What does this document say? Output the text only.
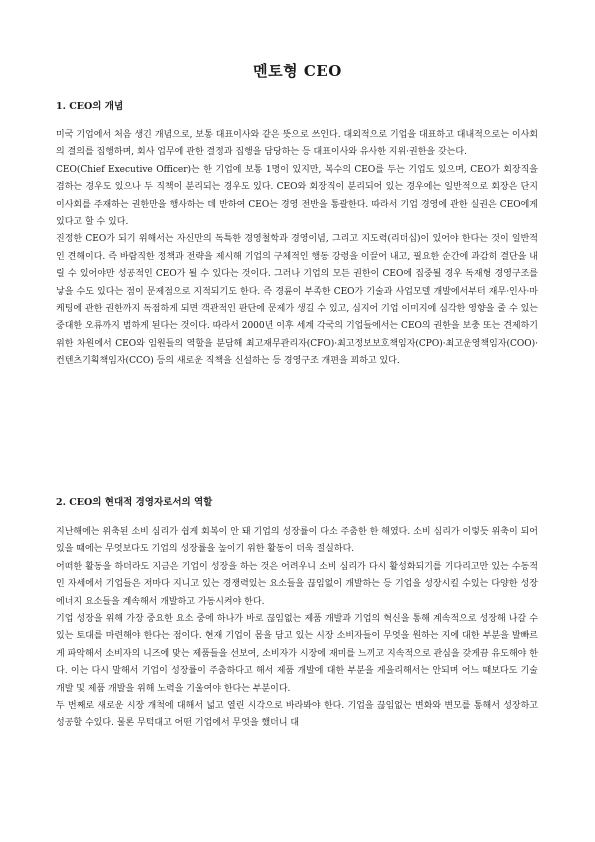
멘토형 CEO
1. CEO의 개념

미국 기업에서 처음 생긴 개념으로, 보통 대표이사와 같은 뜻으로 쓰인다. 대외적으로 기업을 대표하고 대내적으로는 이사회의 결의를 집행하며, 회사 업무에 관한 결정과 집행을 담당하는 등 대표이사와 유사한 지위·권한을 갖는다.

CEO(Chief Executive Officer)는 한 기업에 보통 1명이 있지만, 복수의 CEO를 두는 기업도 있으며, CEO가 회장직을 겸하는 경우도 있으나 두 직책이 분리되는 경우도 있다. CEO와 회장직이 분리되어 있는 경우에는 일반적으로 회장은 단지 이사회를 주재하는 권한만을 행사하는 데 반하여 CEO는 경영 전반을 통괄한다. 따라서 기업 경영에 관한 실권은 CEO에게 있다고 할 수 있다.

진정한 CEO가 되기 위해서는 자신만의 독특한 경영철학과 경영이념, 그리고 지도력(리더십)이 있어야 한다는 것이 일반적인 견해이다. 즉 바람직한 정책과 전략을 제시해 기업의 구체적인 행동 강령을 이끌어 내고, 필요한 순간에 과감히 결단을 내릴 수 있어야만 성공적인 CEO가 될 수 있다는 것이다. 그러나 기업의 모든 권한이 CEO에 집중될 경우 독재형 경영구조를 낳을 수도 있다는 점이 문제점으로 지적되기도 한다. 즉 경륜이 부족한 CEO가 기술과 사업모델 개발에서부터 재무·인사·마케팅에 관한 권한까지 독점하게 되면 객관적인 판단에 문제가 생길 수 있고, 심지어 기업 이미지에 심각한 영향을 줄 수 있는 중대한 오류까지 범하게 된다는 것이다. 따라서 2000년 이후 세계 각국의 기업들에서는 CEO의 권한을 보충 또는 견제하기 위한 차원에서 CEO와 임원들의 역할을 분담해 최고재무관리자(CFO)·최고정보보호책임자(CPO)·최고운영책임자(COO)·컨텐츠기획책임자(CCO) 등의 새로운 직책을 신설하는 등 경영구조 개편을 꾀하고 있다.

2. CEO의 현대적 경영자로서의 역할

지난해에는 위축된 소비 심리가 쉽게 회복이 안 돼 기업의 성장률이 다소 주춤한 한 해였다. 소비 심리가 이렇듯 위축이 되어있을 때에는 무엇보다도 기업의 성장률을 높이기 위한 활동이 더욱 절실하다.

어떠한 활동을 하더라도 지금은 기업이 성장을 하는 것은 어려우니 소비 심리가 다시 활성화되기를 기다리고만 있는 수동적인 자세에서 기업들은 저마다 지니고 있는 경쟁력있는 요소들을 끊임없이 개발하는 등 기업을 성장시킬 수있는 다양한 성장 에너지 요소들을 계속해서 개발하고 가동시켜야 한다.

기업 성장을 위해 가장 중요한 요소 중에 하나가 바로 끊임없는 제품 개발과 기업의 혁신을 통해 계속적으로 성장해 나갈 수있는 토대를 마련해야 한다는 점이다. 현재 기업이 몸을 담고 있는 시장 소비자들이 무엇을 원하는 지에 대한 부분을 발빠르게 파악해서 소비자의 니즈에 맞는 제품들을 선보여, 소비자가 시장에 재미를 느끼고 지속적으로 관심을 갖게끔 유도해야 한다. 이는 다시 말해서 기업이 성장률이 주춤하다고 해서 제품 개발에 대한 부분을 게을리해서는 안되며 어느 때보다도 기술 개발 및 제품 개발을 위해 노력을 기울여야 한다는 부분이다.

두 번째로 새로운 시장 개척에 대해서 넓고 열린 시각으로 바라봐야 한다. 기업을 끊임없는 변화와 변모를 통해서 성장하고 성공할 수있다. 물론 무턱대고 어떤 기업에서 무엇을 했더니 대
